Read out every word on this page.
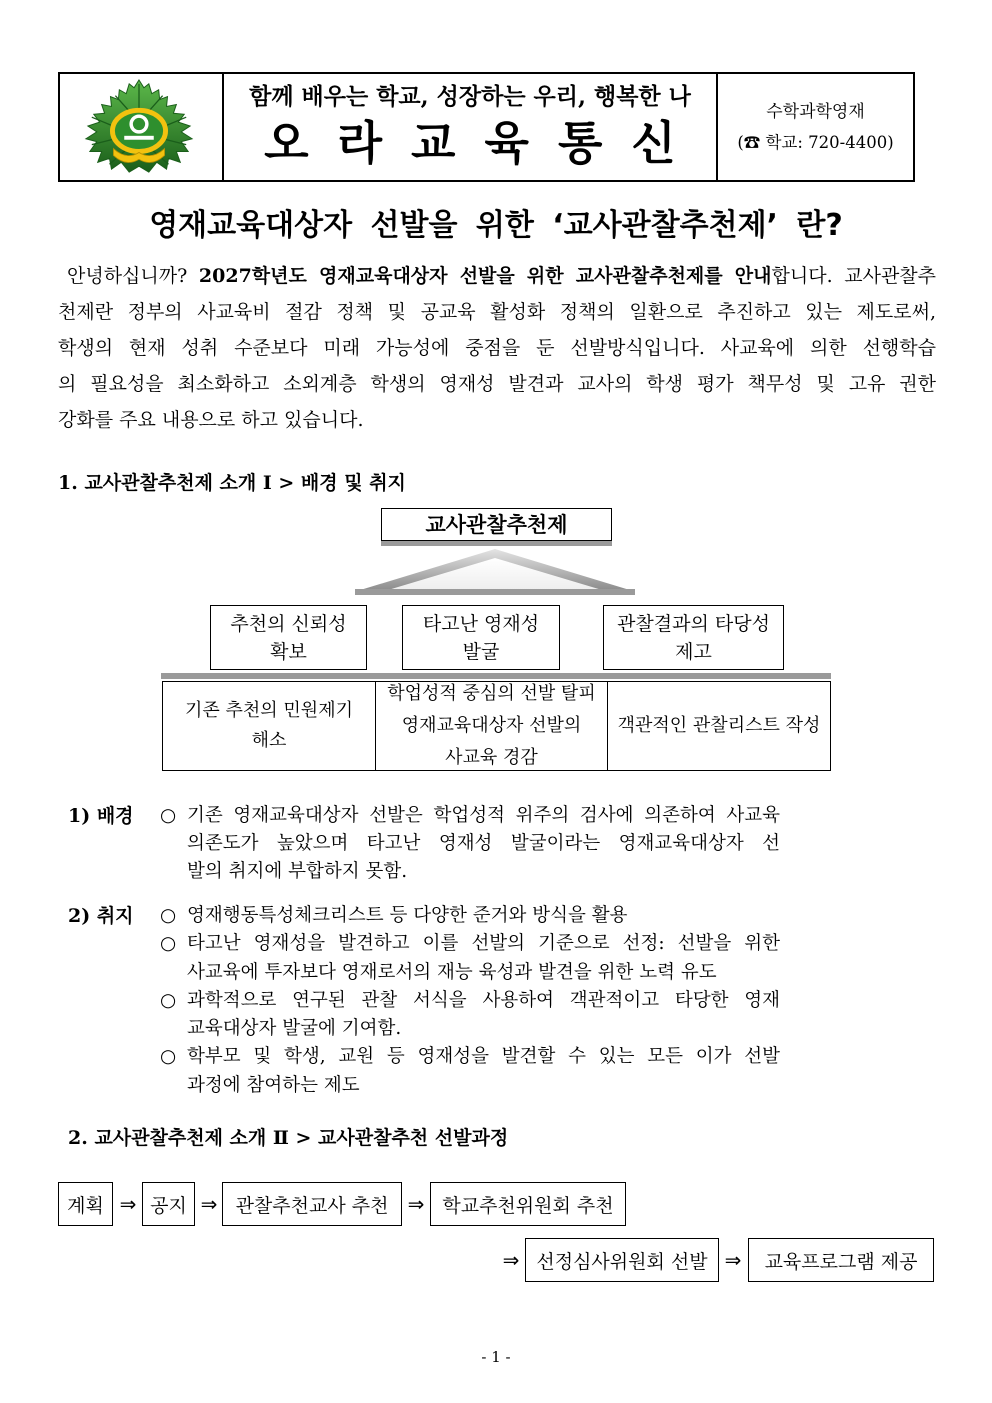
함께 배우는 학교, 성장하는 우리, 행복한 나
오 라 교 육 통 신
수학과학영재
(☎ 학교: 720-4400)
영재교육대상자 선발을 위한 ‘교사관찰추천제’ 란?
안녕하십니까? 2027학년도 영재교육대상자 선발을 위한 교사관찰추천제를 안내합니다. 교사관찰추
천제란 정부의 사교육비 절감 정책 및 공교육 활성화 정책의 일환으로 추진하고 있는 제도로써,
학생의 현재 성취 수준보다 미래 가능성에 중점을 둔 선발방식입니다. 사교육에 의한 선행학습
의 필요성을 최소화하고 소외계층 학생의 영재성 발견과 교사의 학생 평가 책무성 및 고유 권한
강화를 주요 내용으로 하고 있습니다.
1. 교사관찰추천제 소개 Ⅰ > 배경 및 취지
교사관찰추천제
추천의 신뢰성
확보
타고난 영재성
발굴
관찰결과의 타당성
제고
기존 추천의 민원제기
해소
학업성적 중심의 선발 탈피
영재교육대상자 선발의
사교육 경감
객관적인 관찰리스트 작성
1) 배경 ○ 기존 영재교육대상자 선발은 학업성적 위주의 검사에 의존하여 사교육
의존도가 높았으며 타고난 영재성 발굴이라는 영재교육대상자 선
발의 취지에 부합하지 못함.
2) 취지 ○ 영재행동특성체크리스트 등 다양한 준거와 방식을 활용
○ 타고난 영재성을 발견하고 이를 선발의 기준으로 선정: 선발을 위한
사교육에 투자보다 영재로서의 재능 육성과 발견을 위한 노력 유도
○ 과학적으로 연구된 관찰 서식을 사용하여 객관적이고 타당한 영재
교육대상자 발굴에 기여함.
○ 학부모 및 학생, 교원 등 영재성을 발견할 수 있는 모든 이가 선발
과정에 참여하는 제도
2. 교사관찰추천제 소개 Ⅱ > 교사관찰추천 선발과정
계획 ⇒ 공지 ⇒ 관찰추천교사 추천 ⇒ 학교추천위원회 추천
⇒ 선정심사위원회 선발 ⇒	교육프로그램 제공
- 1 -
